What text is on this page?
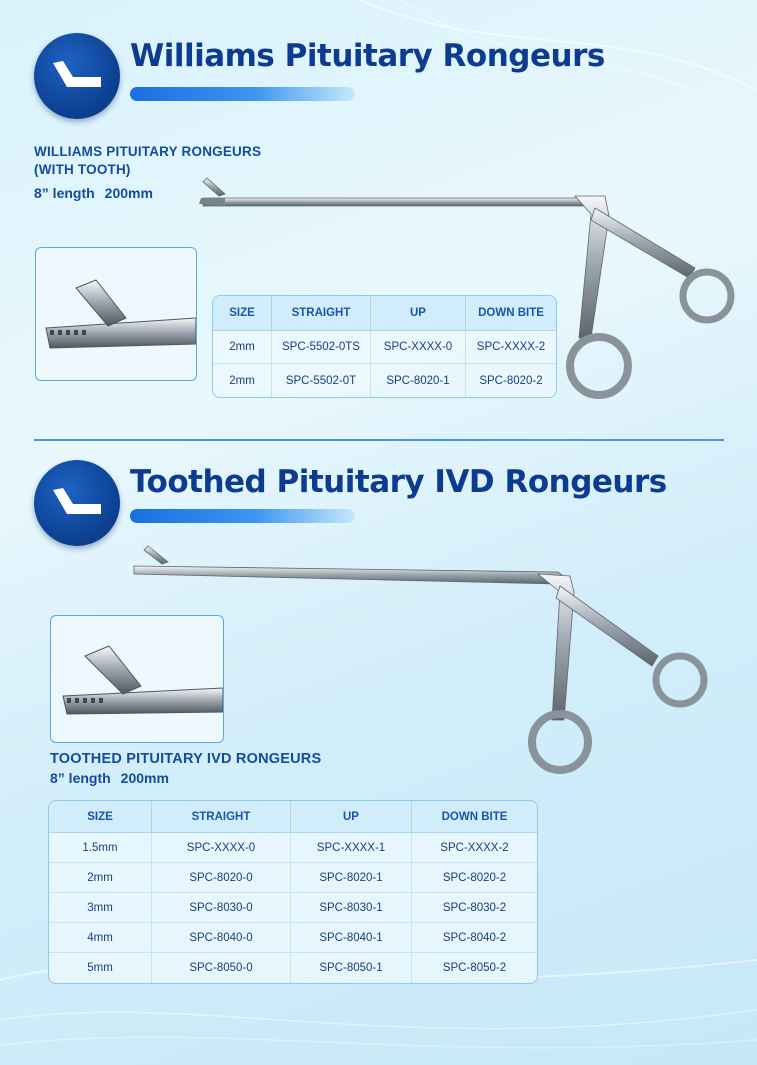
Williams Pituitary Rongeurs
WILLIAMS PITUITARY RONGEURS
(WITH TOOTH)
8” length 200mm
SIZE	STRAIGHT	UP	DOWN BITE
2mm	SPC-5502-0TS	SPC-XXXX-0	SPC-XXXX-2
2mm	SPC-5502-0T	SPC-8020-1	SPC-8020-2
Toothed Pituitary IVD Rongeurs
TOOTHED PITUITARY IVD RONGEURS
8” length 200mm
SIZE	STRAIGHT	UP	DOWN BITE
1.5mm	SPC-XXXX-0	SPC-XXXX-1	SPC-XXXX-2
2mm	SPC-8020-0	SPC-8020-1	SPC-8020-2
3mm	SPC-8030-0	SPC-8030-1	SPC-8030-2
4mm	SPC-8040-0	SPC-8040-1	SPC-8040-2
5mm	SPC-8050-0	SPC-8050-1	SPC-8050-2
